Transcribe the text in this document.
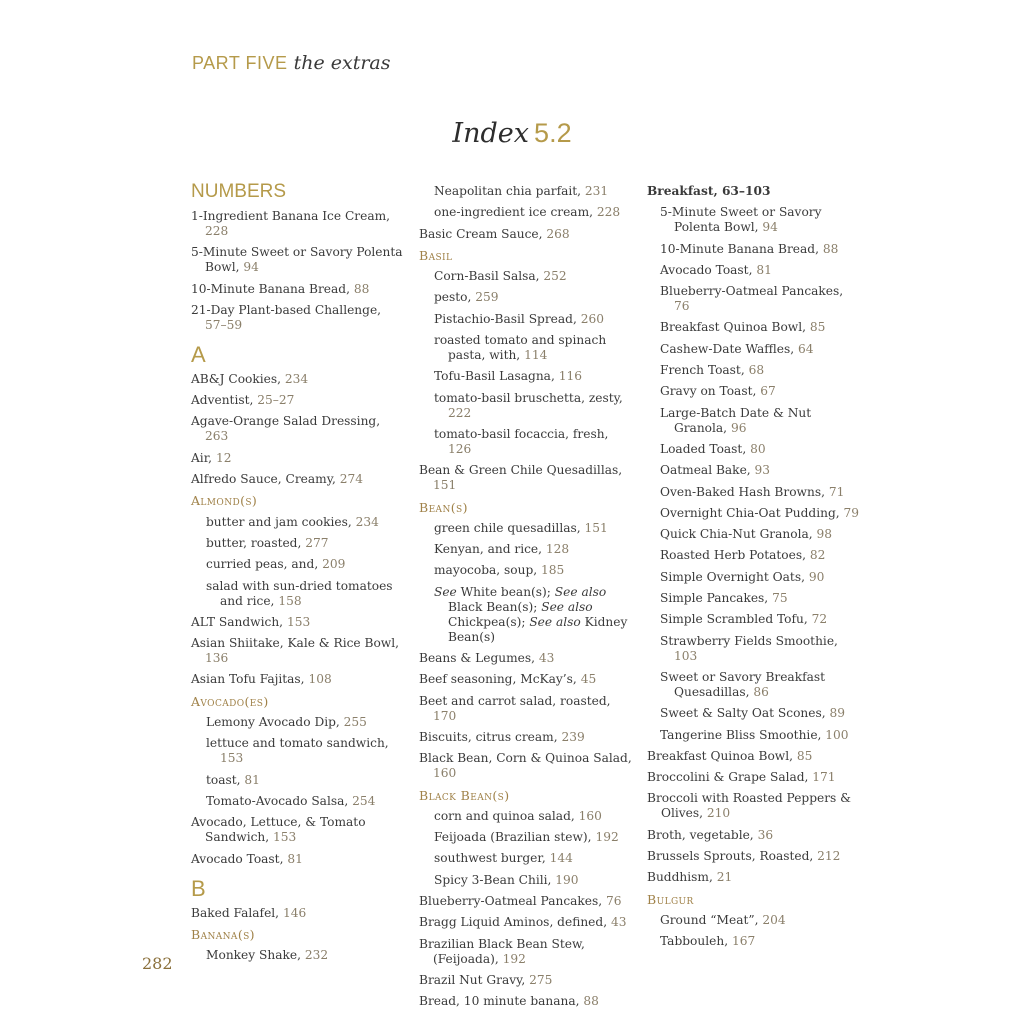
PART FIVE the extras
Index 5.2
NUMBERS
1-Ingredient Banana Ice Cream, 228
5-Minute Sweet or Savory Polenta Bowl, 94
10-Minute Banana Bread, 88
21-Day Plant-based Challenge, 57–59
A
AB&J Cookies, 234
Adventist, 25–27
Agave-Orange Salad Dressing, 263
Air, 12
Alfredo Sauce, Creamy, 274
Almond(s)
butter and jam cookies, 234
butter, roasted, 277
curried peas, and, 209
salad with sun-dried tomatoes and rice, 158
ALT Sandwich, 153
Asian Shiitake, Kale & Rice Bowl, 136
Asian Tofu Fajitas, 108
Avocado(es)
Lemony Avocado Dip, 255
lettuce and tomato sandwich, 153
toast, 81
Tomato-Avocado Salsa, 254
Avocado, Lettuce, & Tomato Sandwich, 153
Avocado Toast, 81
B
Baked Falafel, 146
Banana(s)
Monkey Shake, 232
Neapolitan chia parfait, 231
one-ingredient ice cream, 228
Basic Cream Sauce, 268
Basil
Corn-Basil Salsa, 252
pesto, 259
Pistachio-Basil Spread, 260
roasted tomato and spinach pasta, with, 114
Tofu-Basil Lasagna, 116
tomato-basil bruschetta, zesty, 222
tomato-basil focaccia, fresh, 126
Bean & Green Chile Quesadillas, 151
Bean(s)
green chile quesadillas, 151
Kenyan, and rice, 128
mayocoba, soup, 185
See White bean(s); See also Black Bean(s); See also Chickpea(s); See also Kidney Bean(s)
Beans & Legumes, 43
Beef seasoning, McKay’s, 45
Beet and carrot salad, roasted, 170
Biscuits, citrus cream, 239
Black Bean, Corn & Quinoa Salad, 160
Black Bean(s)
corn and quinoa salad, 160
Feijoada (Brazilian stew), 192
southwest burger, 144
Spicy 3-Bean Chili, 190
Blueberry-Oatmeal Pancakes, 76
Bragg Liquid Aminos, defined, 43
Brazilian Black Bean Stew, (Feijoada), 192
Brazil Nut Gravy, 275
Bread, 10 minute banana, 88
Breakfast, 63–103
5-Minute Sweet or Savory Polenta Bowl, 94
10-Minute Banana Bread, 88
Avocado Toast, 81
Blueberry-Oatmeal Pancakes, 76
Breakfast Quinoa Bowl, 85
Cashew-Date Waffles, 64
French Toast, 68
Gravy on Toast, 67
Large-Batch Date & Nut Granola, 96
Loaded Toast, 80
Oatmeal Bake, 93
Oven-Baked Hash Browns, 71
Overnight Chia-Oat Pudding, 79
Quick Chia-Nut Granola, 98
Roasted Herb Potatoes, 82
Simple Overnight Oats, 90
Simple Pancakes, 75
Simple Scrambled Tofu, 72
Strawberry Fields Smoothie, 103
Sweet or Savory Breakfast Quesadillas, 86
Sweet & Salty Oat Scones, 89
Tangerine Bliss Smoothie, 100
Breakfast Quinoa Bowl, 85
Broccolini & Grape Salad, 171
Broccoli with Roasted Peppers & Olives, 210
Broth, vegetable, 36
Brussels Sprouts, Roasted, 212
Buddhism, 21
Bulgur
Ground “Meat”, 204
Tabbouleh, 167
282
